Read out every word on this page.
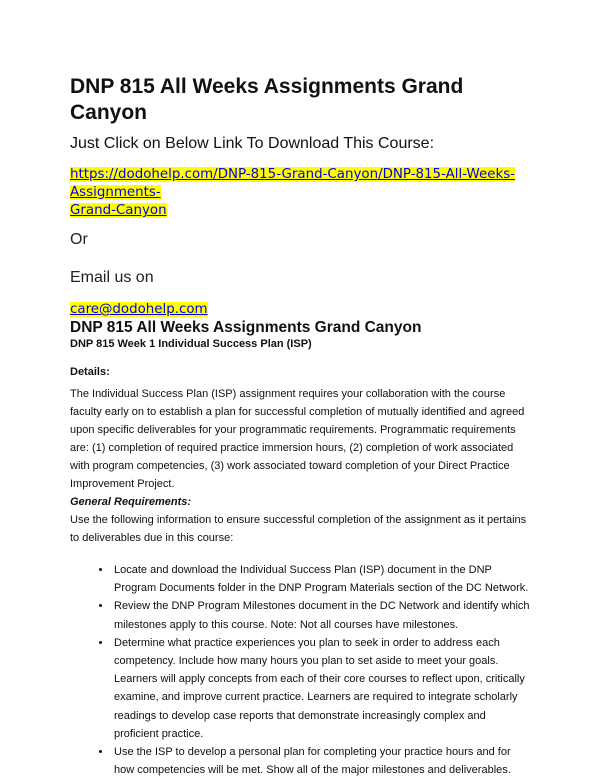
DNP 815 All Weeks Assignments Grand Canyon
Just Click on Below Link To Download This Course:
https://dodohelp.com/DNP-815-Grand-Canyon/DNP-815-All-Weeks-Assignments-
Grand-Canyon
Or
Email us on
care@dodohelp.com
DNP 815 All Weeks Assignments Grand Canyon
DNP 815 Week 1 Individual Success Plan (ISP)
Details:

The Individual Success Plan (ISP) assignment requires your collaboration with the course faculty early on to establish a plan for successful completion of mutually identified and agreed upon specific deliverables for your programmatic requirements. Programmatic requirements are: (1) completion of required practice immersion hours, (2) completion of work associated with program competencies, (3) work associated toward completion of your Direct Practice Improvement Project.

General Requirements:

Use the following information to ensure successful completion of the assignment as it pertains to deliverables due in this course:

• Locate and download the Individual Success Plan (ISP) document in the DNP Program Documents folder in the DNP Program Materials section of the DC Network.
• Review the DNP Program Milestones document in the DC Network and identify which milestones apply to this course. Note: Not all courses have milestones.
• Determine what practice experiences you plan to seek in order to address each competency. Include how many hours you plan to set aside to meet your goals. Learners will apply concepts from each of their core courses to reflect upon, critically examine, and improve current practice. Learners are required to integrate scholarly readings to develop case reports that demonstrate increasingly complex and proficient practice.
• Use the ISP to develop a personal plan for completing your practice hours and for how competencies will be met. Show all of the major milestones and deliverables.
